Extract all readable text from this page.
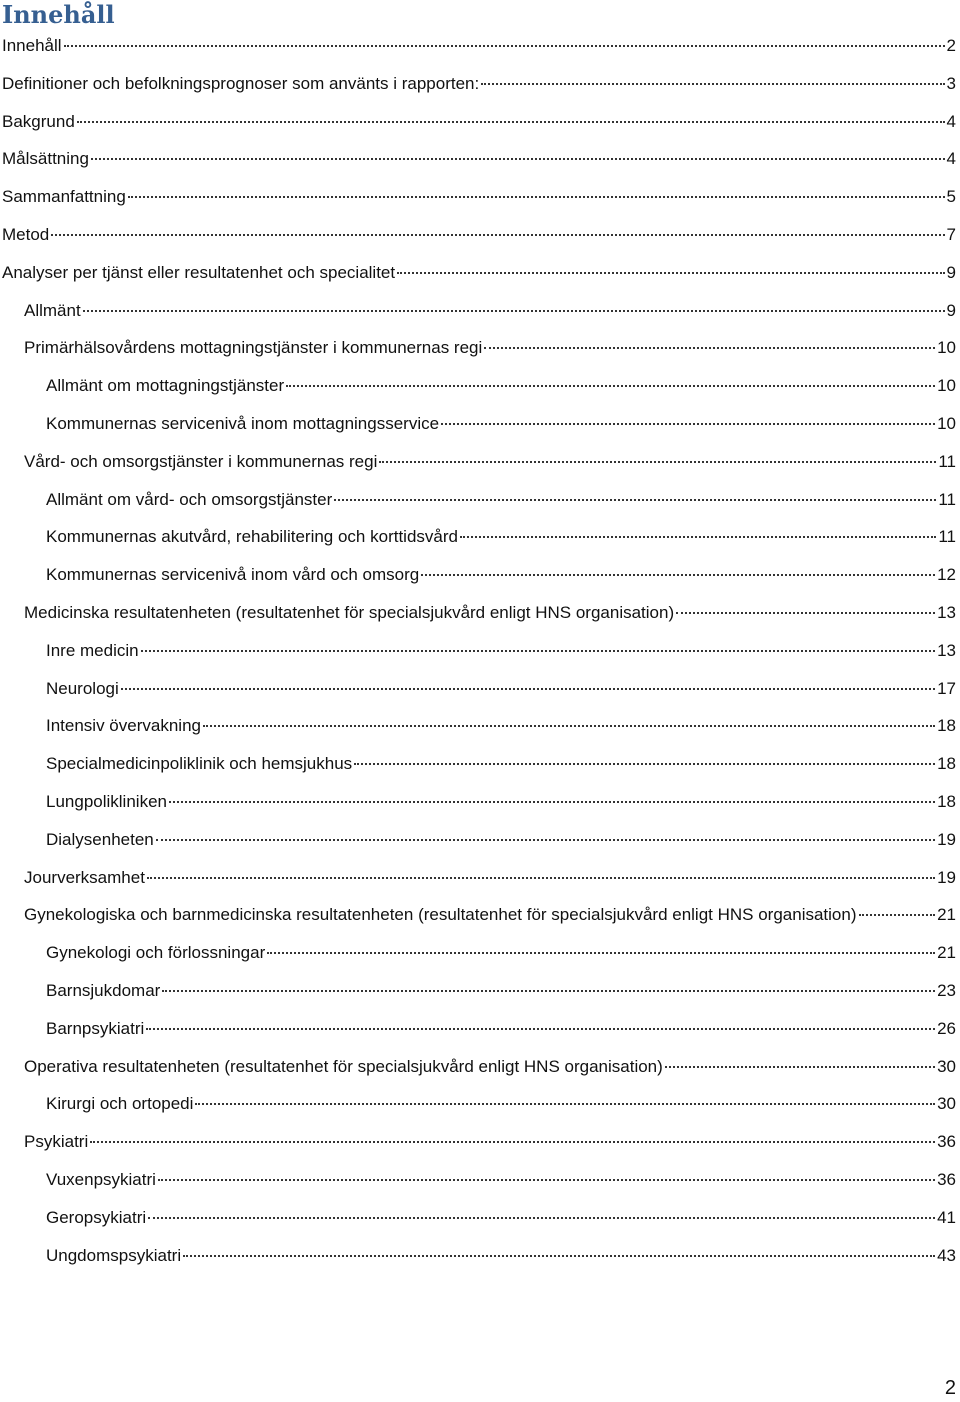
Innehåll
Innehåll	2
Definitioner och befolkningsprognoser som använts i rapporten:	3
Bakgrund	4
Målsättning	4
Sammanfattning	5
Metod	7
Analyser per tjänst eller resultatenhet och specialitet	9
Allmänt	9
Primärhälsovårdens mottagningstjänster i kommunernas regi	10
Allmänt om mottagningstjänster	10
Kommunernas servicenivå inom mottagningsservice	10
Vård- och omsorgstjänster i kommunernas regi	11
Allmänt om vård- och omsorgstjänster	11
Kommunernas akutvård, rehabilitering och korttidsvård	11
Kommunernas servicenivå inom vård och omsorg	12
Medicinska resultatenheten (resultatenhet för specialsjukvård enligt HNS organisation)	13
Inre medicin	13
Neurologi	17
Intensiv övervakning	18
Specialmedicinpoliklinik och hemsjukhus	18
Lungpolikliniken	18
Dialysenheten	19
Jourverksamhet	19
Gynekologiska och barnmedicinska resultatenheten (resultatenhet för specialsjukvård enligt HNS organisation)	21
Gynekologi och förlossningar	21
Barnsjukdomar	23
Barnpsykiatri	26
Operativa resultatenheten (resultatenhet för specialsjukvård enligt HNS organisation)	30
Kirurgi och ortopedi	30
Psykiatri	36
Vuxenpsykiatri	36
Geropsykiatri	41
Ungdomspsykiatri	43
2
